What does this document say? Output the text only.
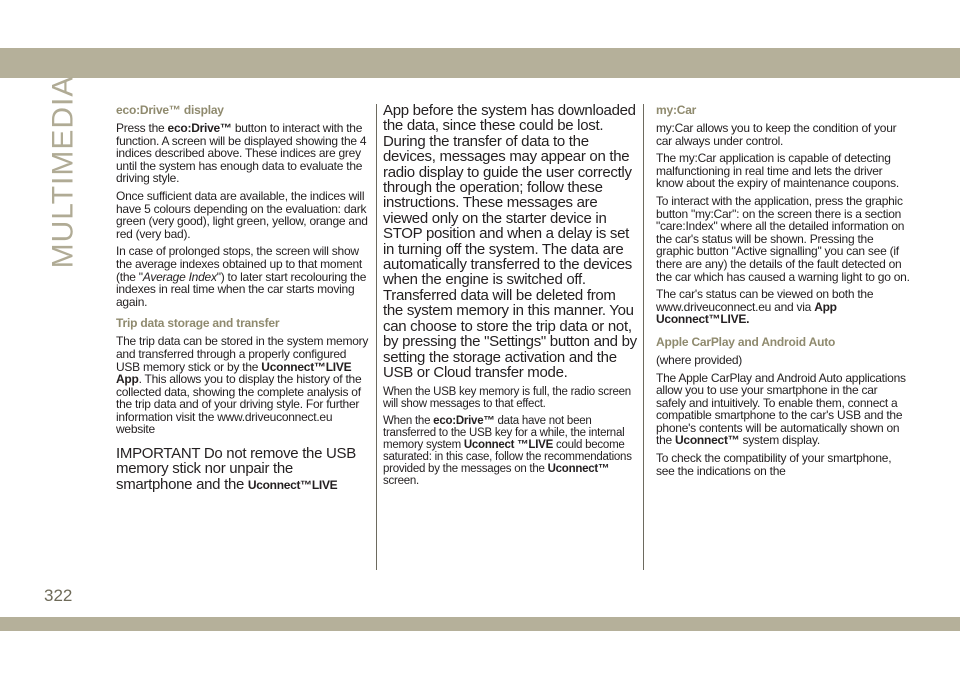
MULTIMEDIA	eco:Drive™ display

Press the eco:Drive™ button to interact with the function. A screen will be displayed showing the 4 indices described above. These indices are grey until the system has enough data to evaluate the driving style.

Once sufficient data are available, the indices will have 5 colours depending on the evaluation: dark green (very good), light green, yellow, orange and red (very bad).

In case of prolonged stops, the screen will show the average indexes obtained up to that moment (the "Average Index") to later start recolouring the indexes in real time when the car starts moving again.

Trip data storage and transfer

The trip data can be stored in the system memory and transferred through a properly configured USB memory stick or by the Uconnect™LIVE App. This allows you to display the history of the collected data, showing the complete analysis of the trip data and of your driving style. For further information visit the www.driveuconnect.eu website

IMPORTANT Do not remove the USB memory stick nor unpair the smartphone and the Uconnect™LIVE

App before the system has downloaded the data, since these could be lost. During the transfer of data to the devices, messages may appear on the radio display to guide the user correctly through the operation; follow these instructions. These messages are viewed only on the starter device in STOP position and when a delay is set in turning off the system. The data are automatically transferred to the devices when the engine is switched off. Transferred data will be deleted from the system memory in this manner. You can choose to store the trip data or not, by pressing the "Settings" button and by setting the storage activation and the USB or Cloud transfer mode.

When the USB key memory is full, the radio screen will show messages to that effect.

When the eco:Drive™ data have not been transferred to the USB key for a while, the internal memory system Uconnect ™LIVE could become saturated: in this case, follow the recommendations provided by the messages on the Uconnect™ screen.

my:Car

my:Car allows you to keep the condition of your car always under control.

The my:Car application is capable of detecting malfunctioning in real time and lets the driver know about the expiry of maintenance coupons.

To interact with the application, press the graphic button "my:Car": on the screen there is a section "care:Index" where all the detailed information on the car's status will be shown. Pressing the graphic button "Active signalling" you can see (if there are any) the details of the fault detected on the car which has caused a warning light to go on.

The car's status can be viewed on both the www.driveuconnect.eu and via App Uconnect™LIVE.

Apple CarPlay and Android Auto

(where provided)

The Apple CarPlay and Android Auto applications allow you to use your smartphone in the car safely and intuitively. To enable them, connect a compatible smartphone to the car's USB and the phone's contents will be automatically shown on the Uconnect™ system display.

To check the compatibility of your smartphone, see the indications on the

322
